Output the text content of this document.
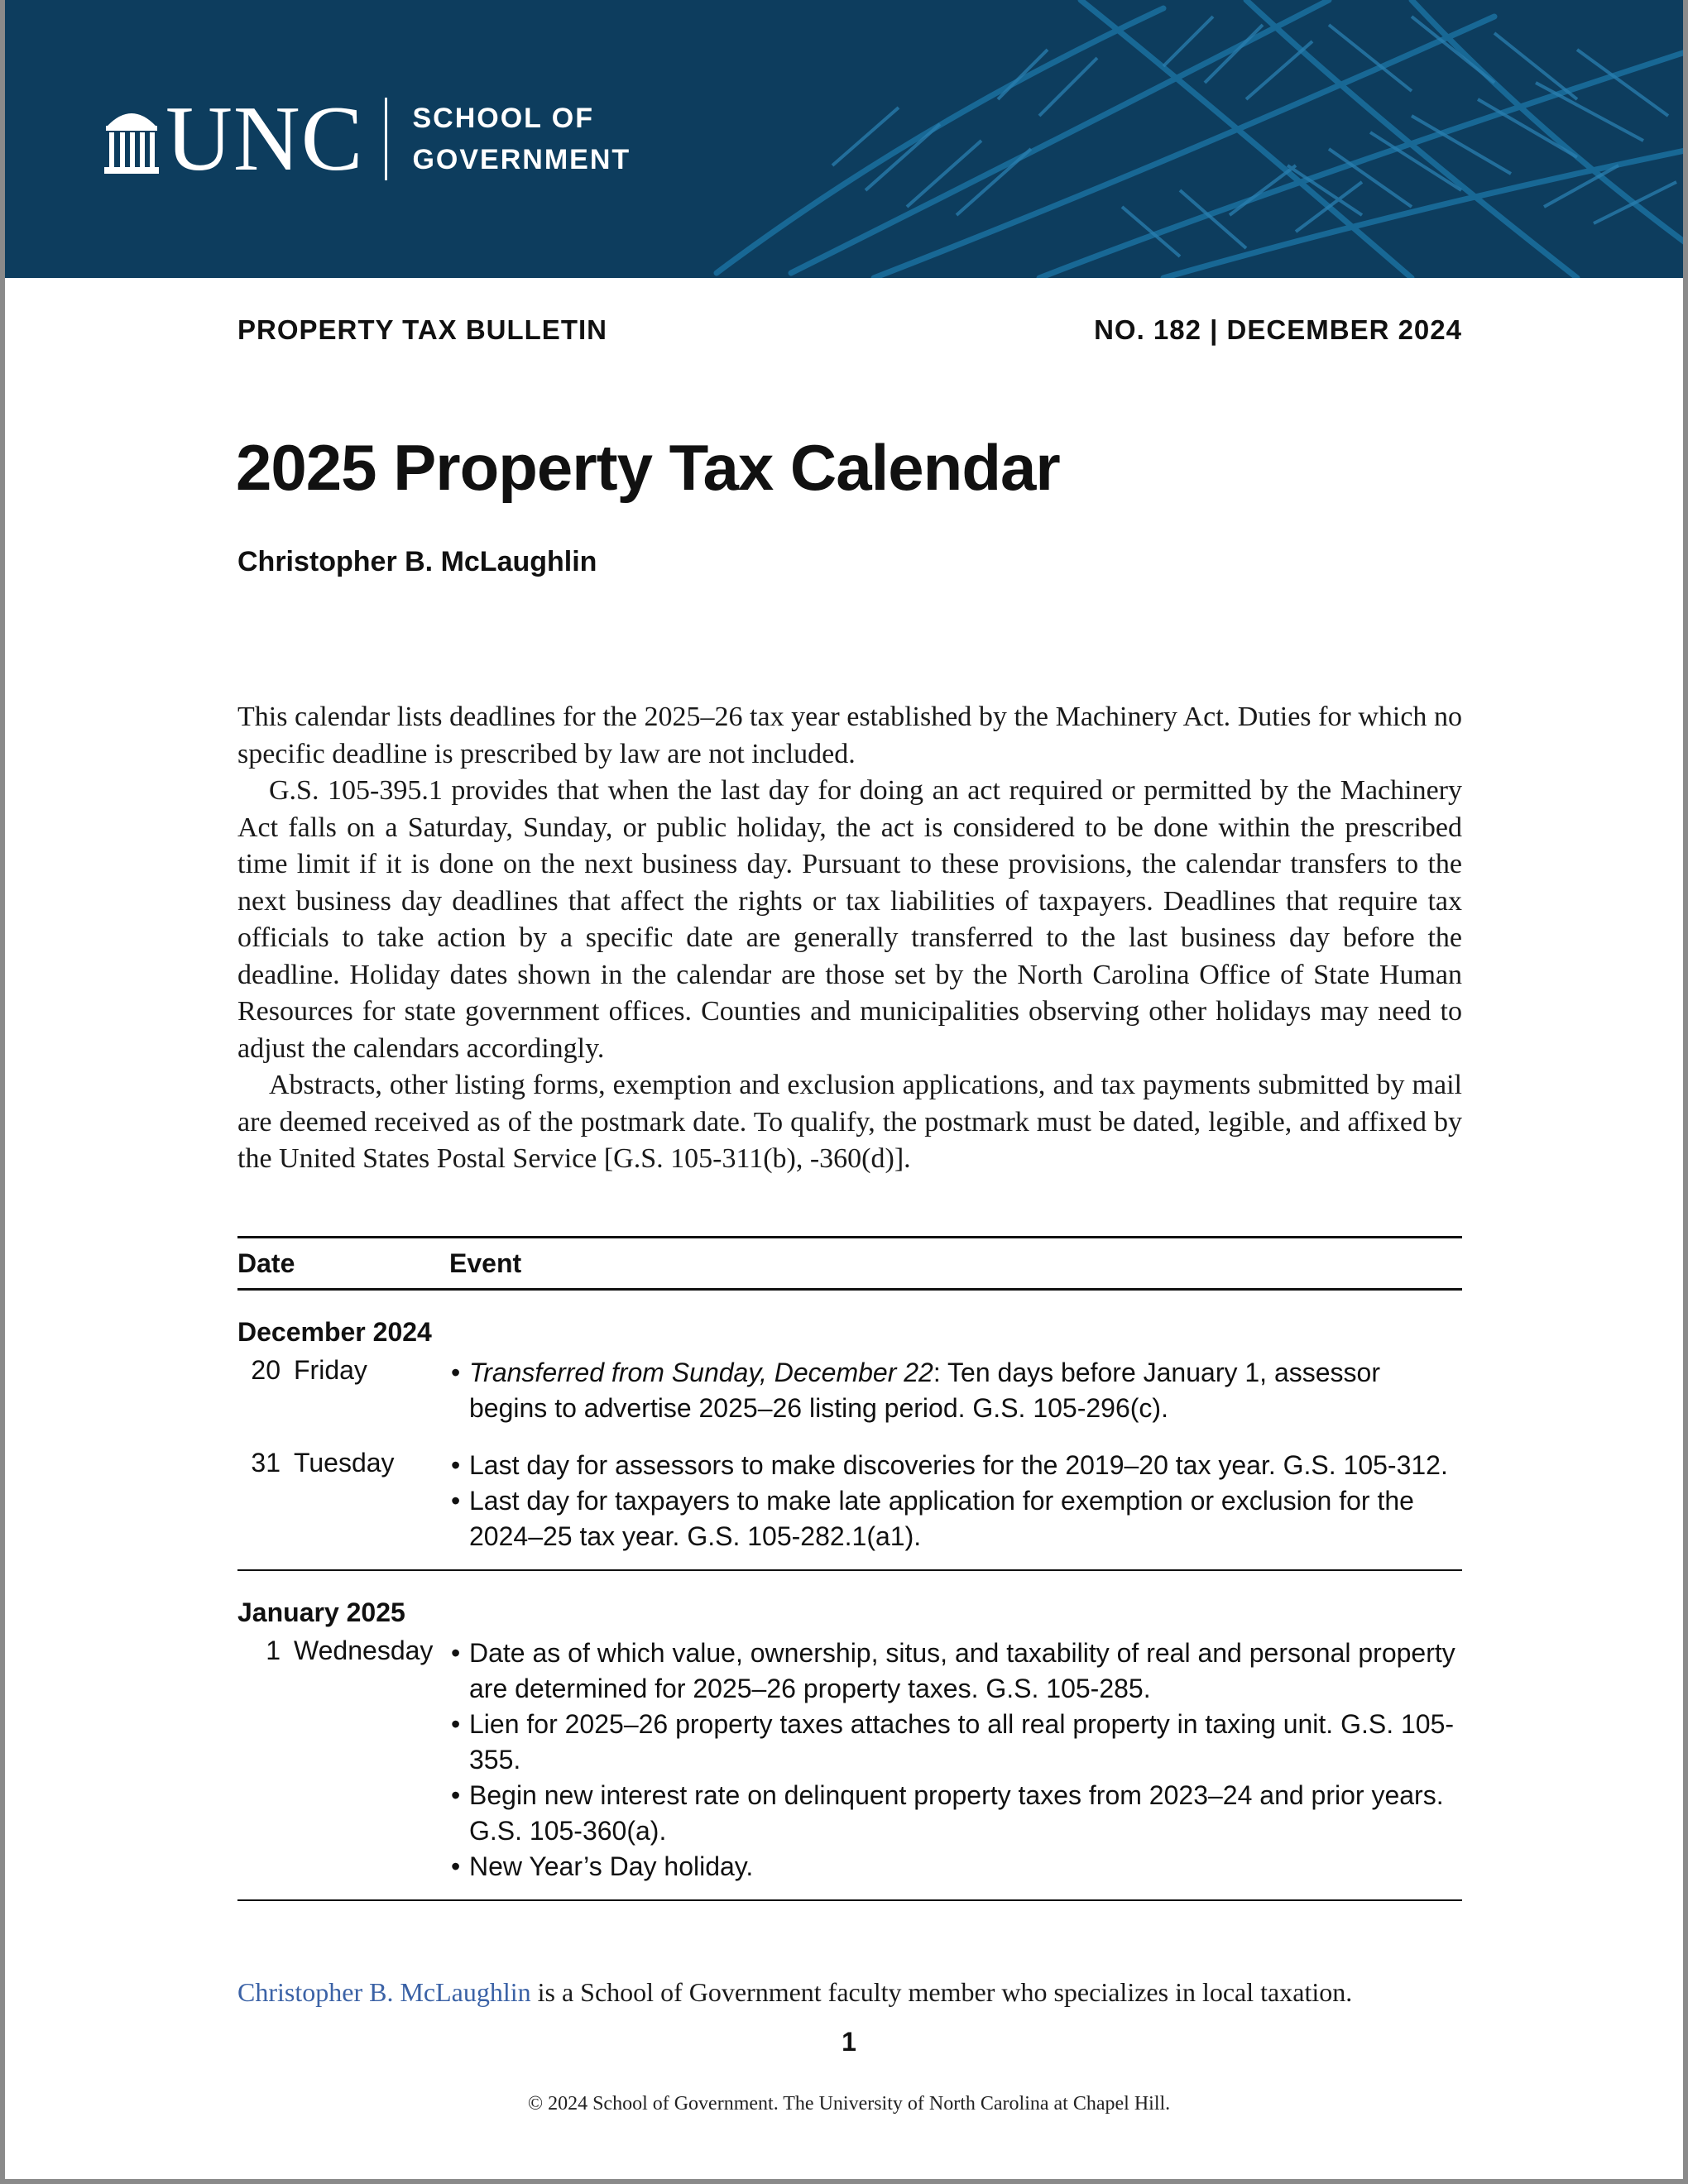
UNC SCHOOL OF
GOVERNMENT
PROPERTY TAX BULLETIN	NO. 182 | DECEMBER 2024
2025 Property Tax Calendar
Christopher B. McLaughlin

This calendar lists deadlines for the 2025–26 tax year established by the Machinery Act. Duties for which no specific deadline is prescribed by law are not included.

G.S. 105-395.1 provides that when the last day for doing an act required or permitted by the Machinery Act falls on a Saturday, Sunday, or public holiday, the act is considered to be done within the prescribed time limit if it is done on the next business day. Pursuant to these provisions, the calendar transfers to the next business day deadlines that affect the rights or tax liabilities of taxpayers. Deadlines that require tax officials to take action by a specific date are generally transferred to the last business day before the deadline. Holiday dates shown in the calendar are those set by the North Carolina Office of State Human Resources for state government offices. Counties and municipalities observing other holidays may need to adjust the calendars accordingly.

Abstracts, other listing forms, exemption and exclusion applications, and tax payments submitted by mail are deemed received as of the postmark date. To qualify, the postmark must be dated, legible, and affixed by the United States Postal Service [G.S. 105-311(b), -360(d)].

Date	Event
December 2024
20 Friday	• Transferred from Sunday, December 22: Ten days before January 1, assessor begins to advertise 2025–26 listing period. G.S. 105-296(c).
31 Tuesday	• Last day for assessors to make discoveries for the 2019–20 tax year. G.S. 105-312.
• Last day for taxpayers to make late application for exemption or exclusion for the 2024–25 tax year. G.S. 105-282.1(a1).
January 2025
1 Wednesday	• Date as of which value, ownership, situs, and taxability of real and personal property are determined for 2025–26 property taxes. G.S. 105-285.
• Lien for 2025–26 property taxes attaches to all real property in taxing unit. G.S. 105-355.
• Begin new interest rate on delinquent property taxes from 2023–24 and prior years. G.S. 105-360(a).
• New Year’s Day holiday.
Christopher B. McLaughlin is a School of Government faculty member who specializes in local taxation.
1
© 2024 School of Government. The University of North Carolina at Chapel Hill.
